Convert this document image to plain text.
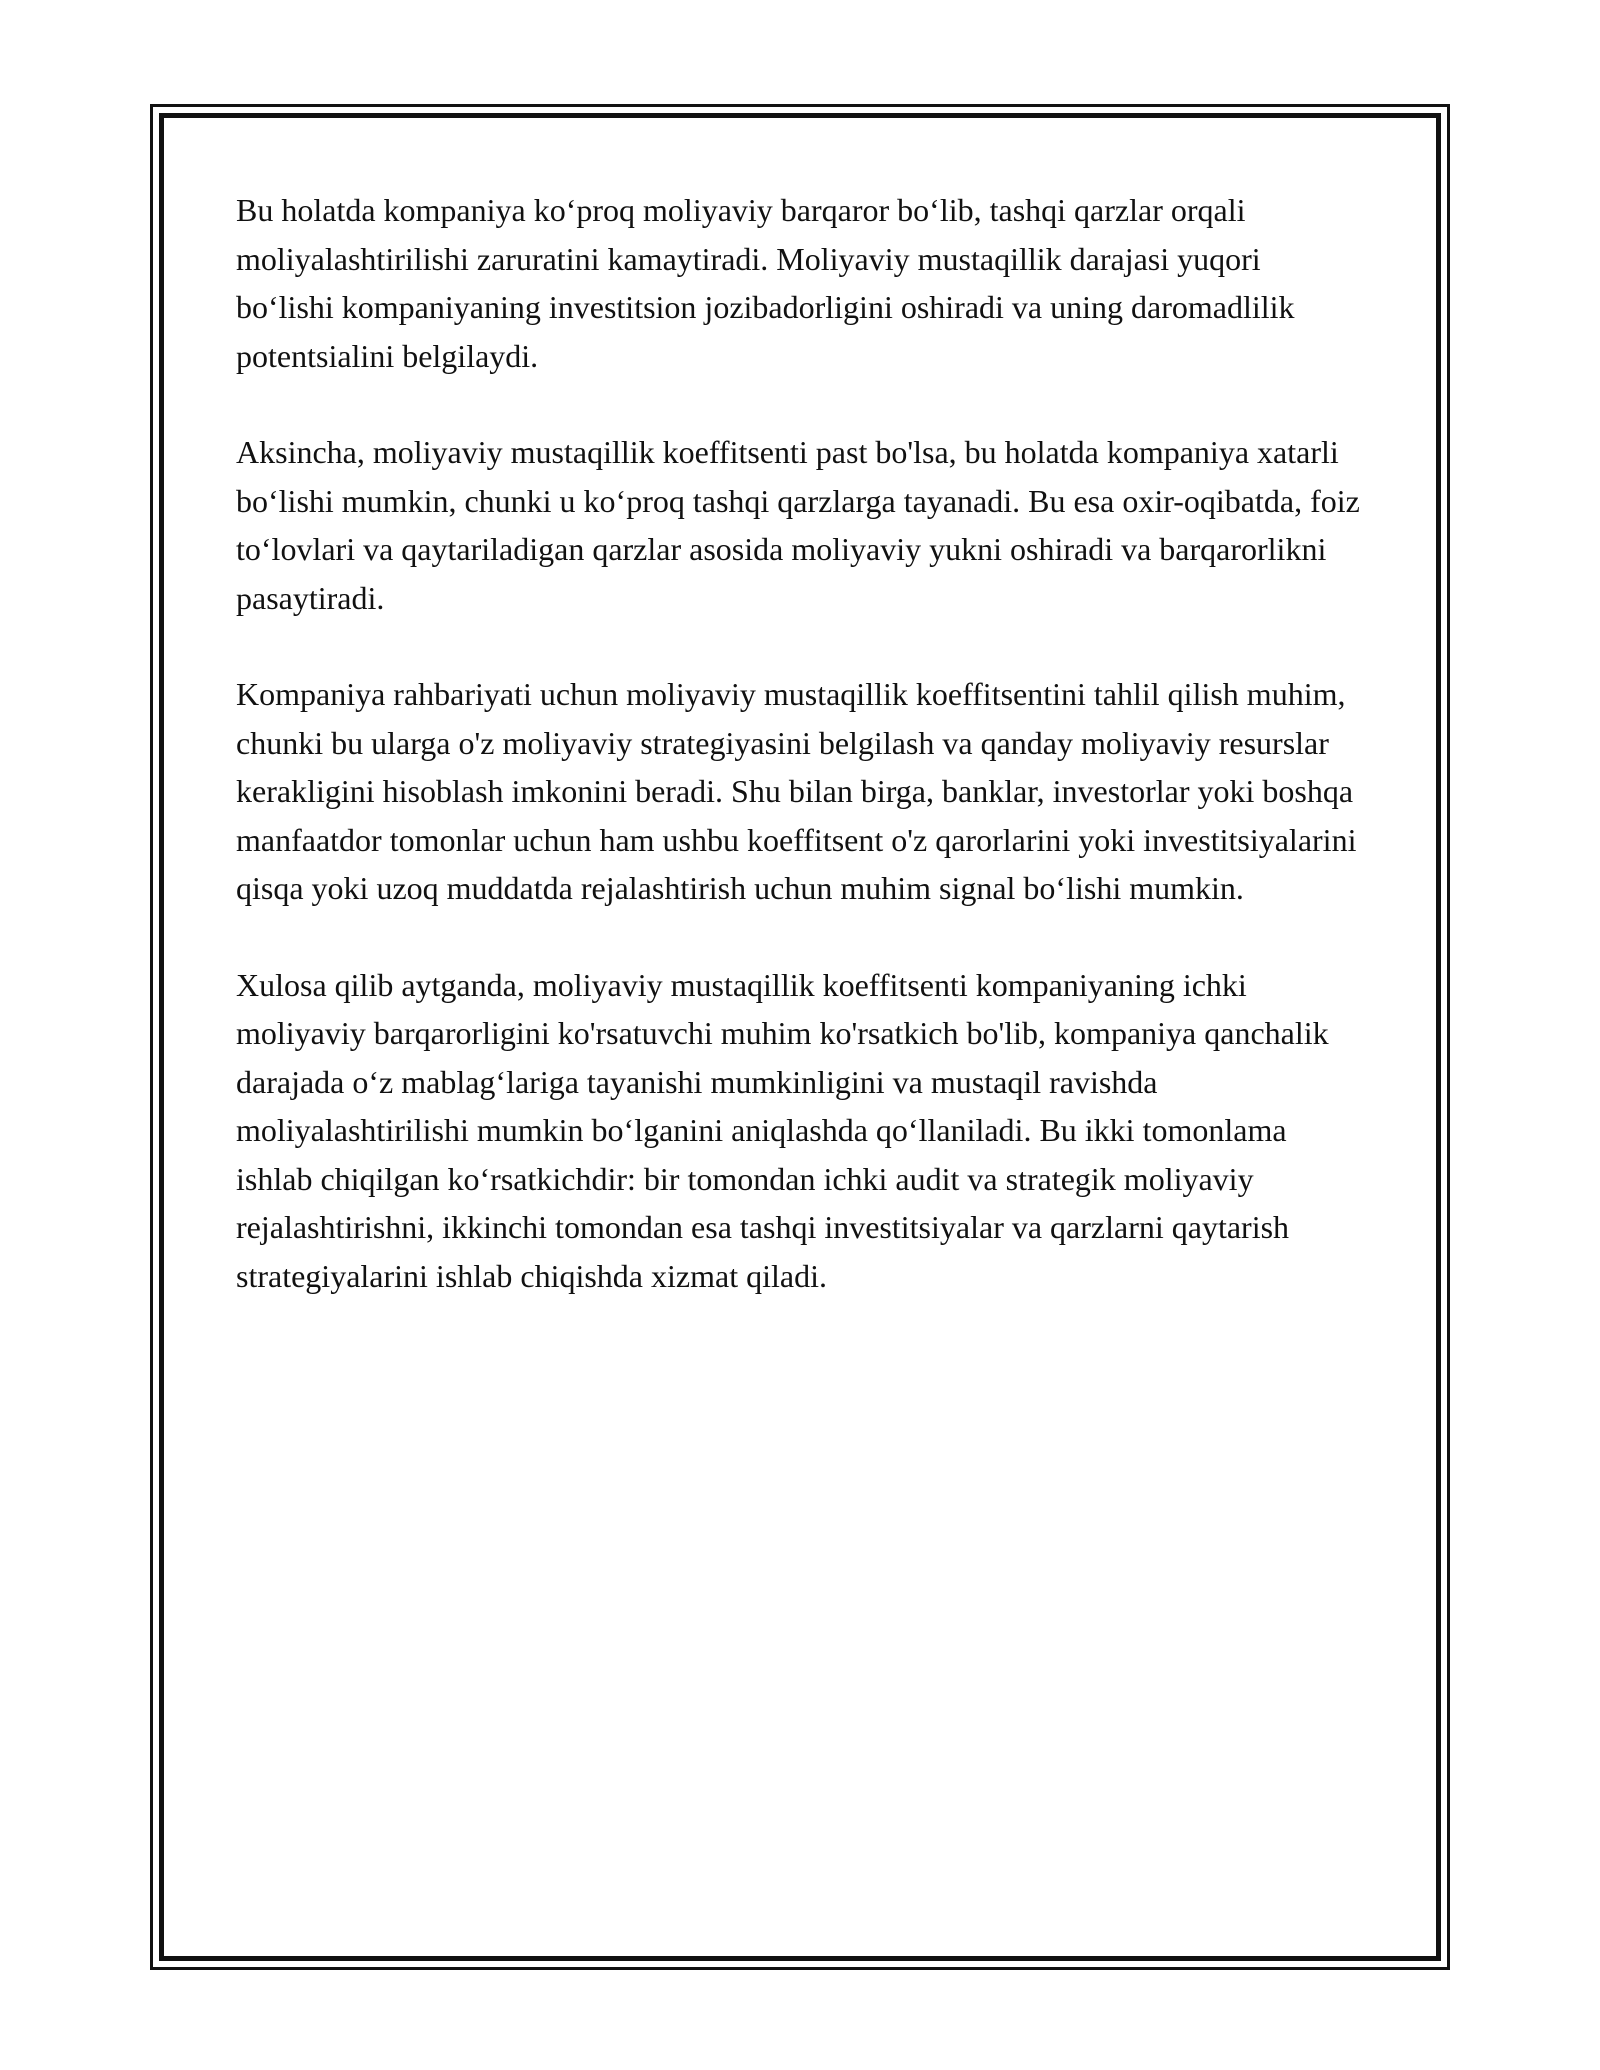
Bu holatda kompaniya koʻproq moliyaviy barqaror boʻlib, tashqi qarzlar orqali moliyalashtirilishi zaruratini kamaytiradi. Moliyaviy mustaqillik darajasi yuqori boʻlishi kompaniyaning investitsion jozibadorligini oshiradi va uning daromadlilik potentsialini belgilaydi.

Aksincha, moliyaviy mustaqillik koeffitsenti past bo'lsa, bu holatda kompaniya xatarli boʻlishi mumkin, chunki u koʻproq tashqi qarzlarga tayanadi. Bu esa oxir-oqibatda, foiz toʻlovlari va qaytariladigan qarzlar asosida moliyaviy yukni oshiradi va barqarorlikni pasaytiradi.

Kompaniya rahbariyati uchun moliyaviy mustaqillik koeffitsentini tahlil qilish muhim, chunki bu ularga o'z moliyaviy strategiyasini belgilash va qanday moliyaviy resurslar kerakligini hisoblash imkonini beradi. Shu bilan birga, banklar, investorlar yoki boshqa manfaatdor tomonlar uchun ham ushbu koeffitsent o'z qarorlarini yoki investitsiyalarini qisqa yoki uzoq muddatda rejalashtirish uchun muhim signal boʻlishi mumkin.

Xulosa qilib aytganda, moliyaviy mustaqillik koeffitsenti kompaniyaning ichki moliyaviy barqarorligini ko'rsatuvchi muhim ko'rsatkich bo'lib, kompaniya qanchalik darajada oʻz mablagʻlariga tayanishi mumkinligini va mustaqil ravishda moliyalashtirilishi mumkin boʻlganini aniqlashda qoʻllaniladi. Bu ikki tomonlama ishlab chiqilgan koʻrsatkichdir: bir tomondan ichki audit va strategik moliyaviy rejalashtirishni, ikkinchi tomondan esa tashqi investitsiyalar va qarzlarni qaytarish strategiyalarini ishlab chiqishda xizmat qiladi.
